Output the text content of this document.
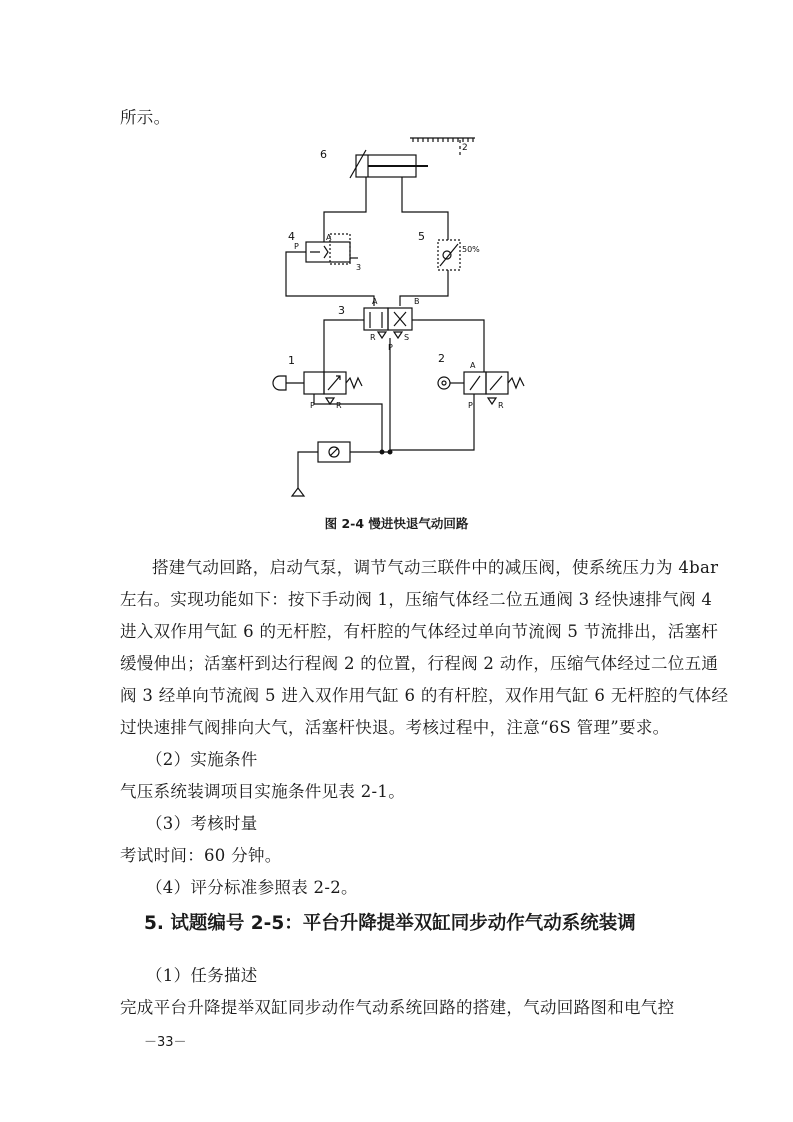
所示。
6
4	5
3
1	2
2
50%
A
P
3
A	B
R	S
P
P	R
A
P	R
图 2-4 慢进快退气动回路
搭建气动回路，启动气泵，调节气动三联件中的减压阀，使系统压力为 4bar
左右。实现功能如下：按下手动阀 1，压缩气体经二位五通阀 3 经快速排气阀 4
进入双作用气缸 6 的无杆腔，有杆腔的气体经过单向节流阀 5 节流排出，活塞杆
缓慢伸出；活塞杆到达行程阀 2 的位置，行程阀 2 动作，压缩气体经过二位五通
阀 3 经单向节流阀 5 进入双作用气缸 6 的有杆腔，双作用气缸 6 无杆腔的气体经
过快速排气阀排向大气，活塞杆快退。考核过程中，注意“6S 管理”要求。
（2）实施条件
气压系统装调项目实施条件见表 2-1。
（3）考核时量
考试时间：60 分钟。
（4）评分标准参照表 2-2。
5. 试题编号 2-5：平台升降提举双缸同步动作气动系统装调
（1）任务描述
完成平台升降提举双缸同步动作气动系统回路的搭建，气动回路图和电气控
－33－
